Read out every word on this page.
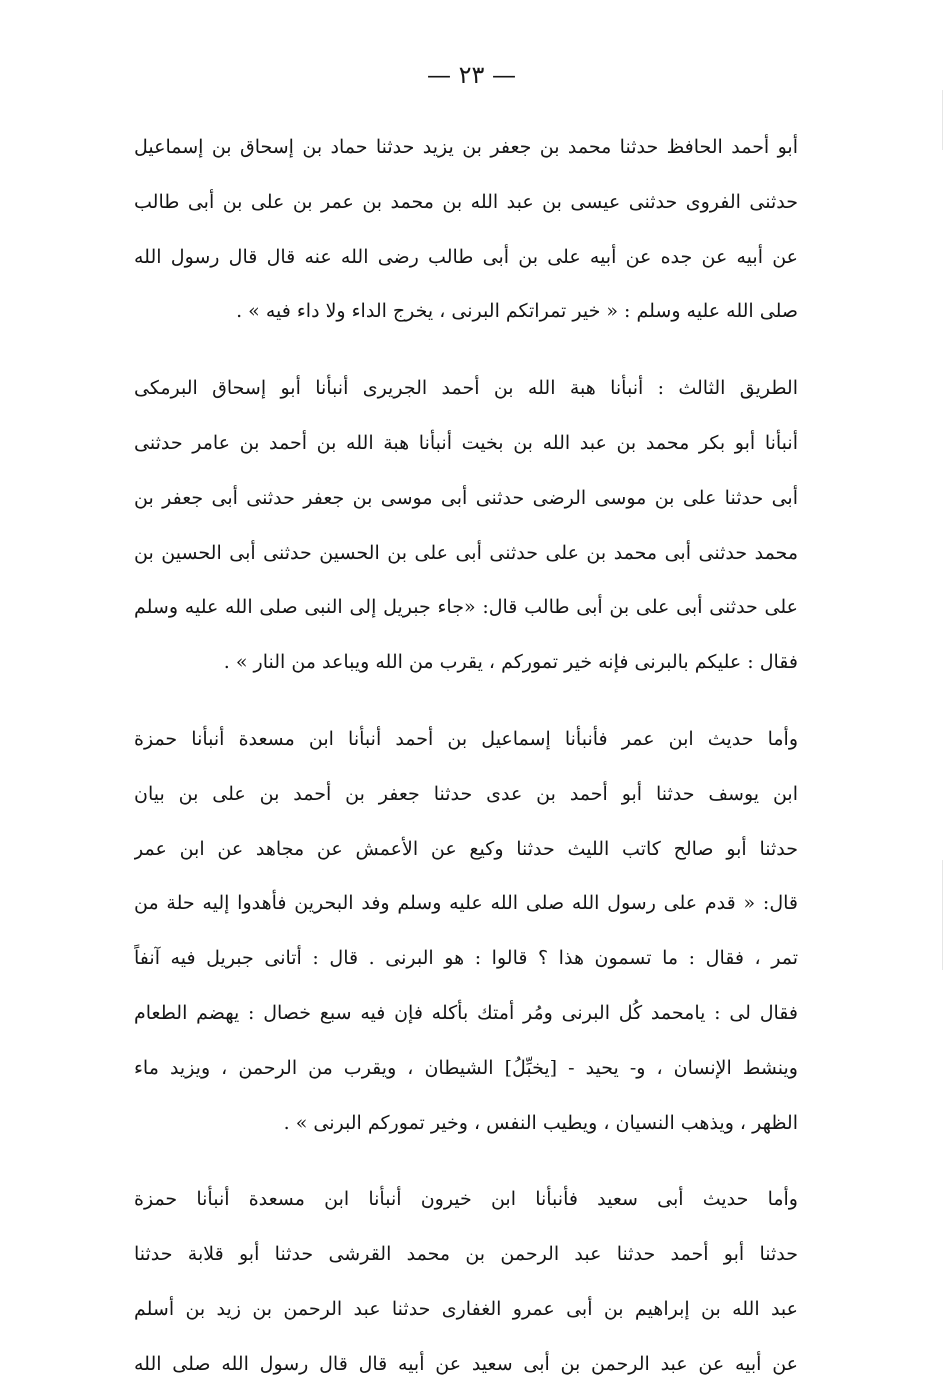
— ٢٣ —
أبو أحمد الحافظ حدثنا محمد بن جعفر بن يزيد حدثنا حماد بن إسحاق بن إسماعيل
حدثنى الفروى حدثنى عيسى بن عبد الله بن محمد بن عمر بن على بن أبى طالب
عن أبيه عن جده عن أبيه على بن أبى طالب رضى الله عنه قال قال رسول الله
صلى الله عليه وسلم : « خير تمراتكم البرنى ، يخرج الداء ولا داء فيه » .
الطريق الثالث : أنبأنا هبة الله بن أحمد الجريرى أنبأنا أبو إسحاق البرمكى
أنبأنا أبو بكر محمد بن عبد الله بن بخيت أنبأنا هبة الله بن أحمد بن عامر حدثنى
أبى حدثنا على بن موسى الرضى حدثنى أبى موسى بن جعفر حدثنى أبى جعفر بن
محمد حدثنى أبى محمد بن على حدثنى أبى على بن الحسين حدثنى أبى الحسين بن
على حدثنى أبى على بن أبى طالب قال: «جاء جبريل إلى النبى صلى الله عليه وسلم
فقال : عليكم بالبرنى فإنه خير تموركم ، يقرب من الله ويباعد من النار » .
وأما حديث ابن عمر فأنبأنا إسماعيل بن أحمد أنبأنا ابن مسعدة أنبأنا حمزة
ابن يوسف حدثنا أبو أحمد بن عدى حدثنا جعفر بن أحمد بن على بن بيان
حدثنا أبو صالح كاتب الليث حدثنا وكيع عن الأعمش عن مجاهد عن ابن عمر
قال: « قدم على رسول الله صلى الله عليه وسلم وفد البحرين فأهدوا إليه حلة من
تمر ، فقال : ما تسمون هذا ؟ قالوا : هو البرنى . قال : أتانى جبريل فيه آنفاً
فقال لى : يامحمد كُل البرنى ومُر أمتك بأكله فإن فيه سبع خصال : يهضم الطعام
وينشط الإنسان ، و- يحيد - [يخبِّلُ] الشيطان ، ويقرب من الرحمن ، ويزيد ماء
الظهر ، ويذهب النسيان ، ويطيب النفس ، وخير تموركم البرنى » .
وأما حديث أبى سعيد فأنبأنا ابن خيرون أنبأنا ابن مسعدة أنبأنا حمزة
حدثنا أبو أحمد حدثنا عبد الرحمن بن محمد القرشى حدثنا أبو قلابة حدثنا
عبد الله بن إبراهيم بن أبى عمرو الغفارى حدثنا عبد الرحمن بن زيد بن أسلم
عن أبيه عن عبد الرحمن بن أبى سعيد عن أبيه قال قال رسول الله صلى الله
